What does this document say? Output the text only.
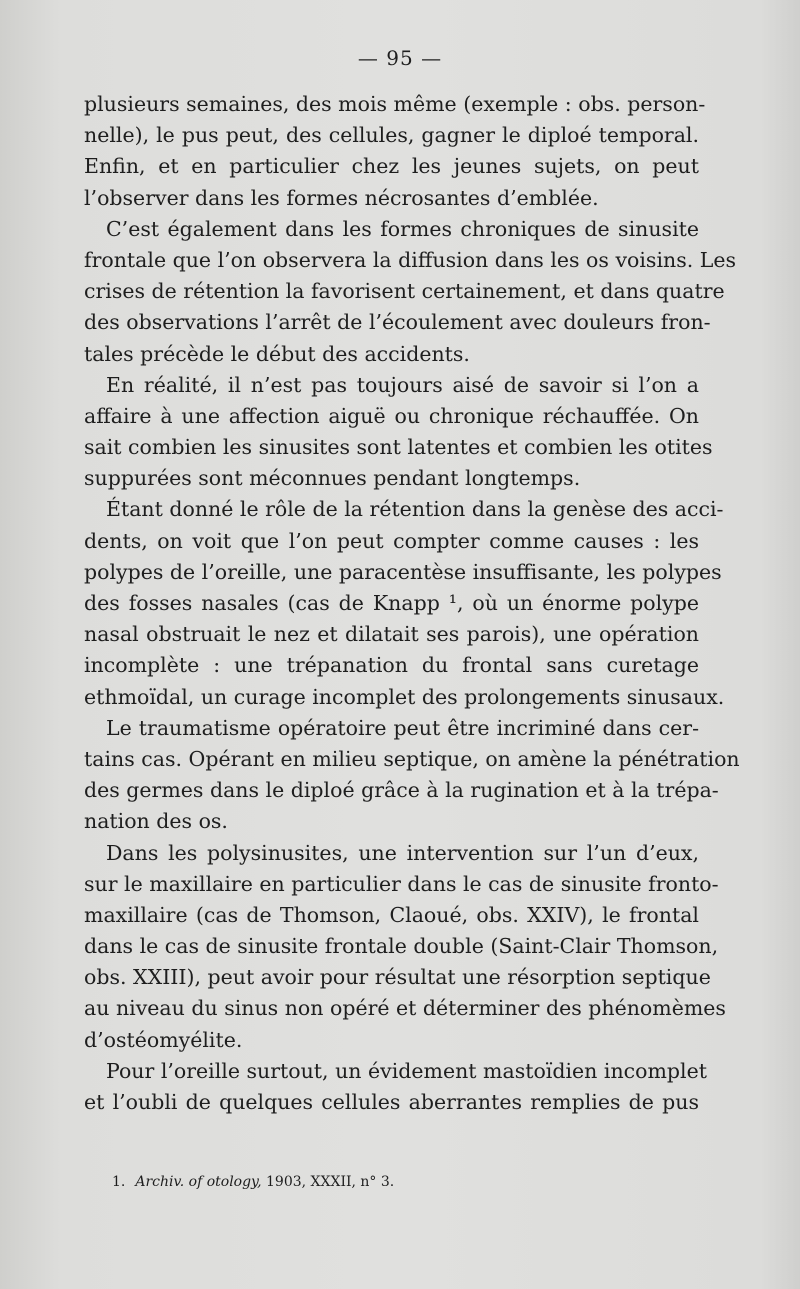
— 95 —
plusieurs semaines, des mois même (exemple : obs. person-
nelle), le pus peut, des cellules, gagner le diploé temporal.
Enfin, et en particulier chez les jeunes sujets, on peut
l’observer dans les formes nécrosantes d’emblée.
C’est également dans les formes chroniques de sinusite
frontale que l’on observera la diffusion dans les os voisins. Les
crises de rétention la favorisent certainement, et dans quatre
des observations l’arrêt de l’écoulement avec douleurs fron-
tales précède le début des accidents.
En réalité, il n’est pas toujours aisé de savoir si l’on a
affaire à une affection aiguë ou chronique réchauffée. On
sait combien les sinusites sont latentes et combien les otites
suppurées sont méconnues pendant longtemps.
Étant donné le rôle de la rétention dans la genèse des acci-
dents, on voit que l’on peut compter comme causes : les
polypes de l’oreille, une paracentèse insuffisante, les polypes
des fosses nasales (cas de Knapp ¹, où un énorme polype
nasal obstruait le nez et dilatait ses parois), une opération
incomplète : une trépanation du frontal sans curetage
ethmoïdal, un curage incomplet des prolongements sinusaux.
Le traumatisme opératoire peut être incriminé dans cer-
tains cas. Opérant en milieu septique, on amène la pénétration
des germes dans le diploé grâce à la rugination et à la trépa-
nation des os.
Dans les polysinusites, une intervention sur l’un d’eux,
sur le maxillaire en particulier dans le cas de sinusite fronto-
maxillaire (cas de Thomson, Claoué, obs. XXIV), le frontal
dans le cas de sinusite frontale double (Saint-Clair Thomson,
obs. XXIII), peut avoir pour résultat une résorption septique
au niveau du sinus non opéré et déterminer des phénomèmes
d’ostéomyélite.
Pour l’oreille surtout, un évidement mastoïdien incomplet
et l’oubli de quelques cellules aberrantes remplies de pus
1. Archiv. of otology, 1903, XXXII, n° 3.
